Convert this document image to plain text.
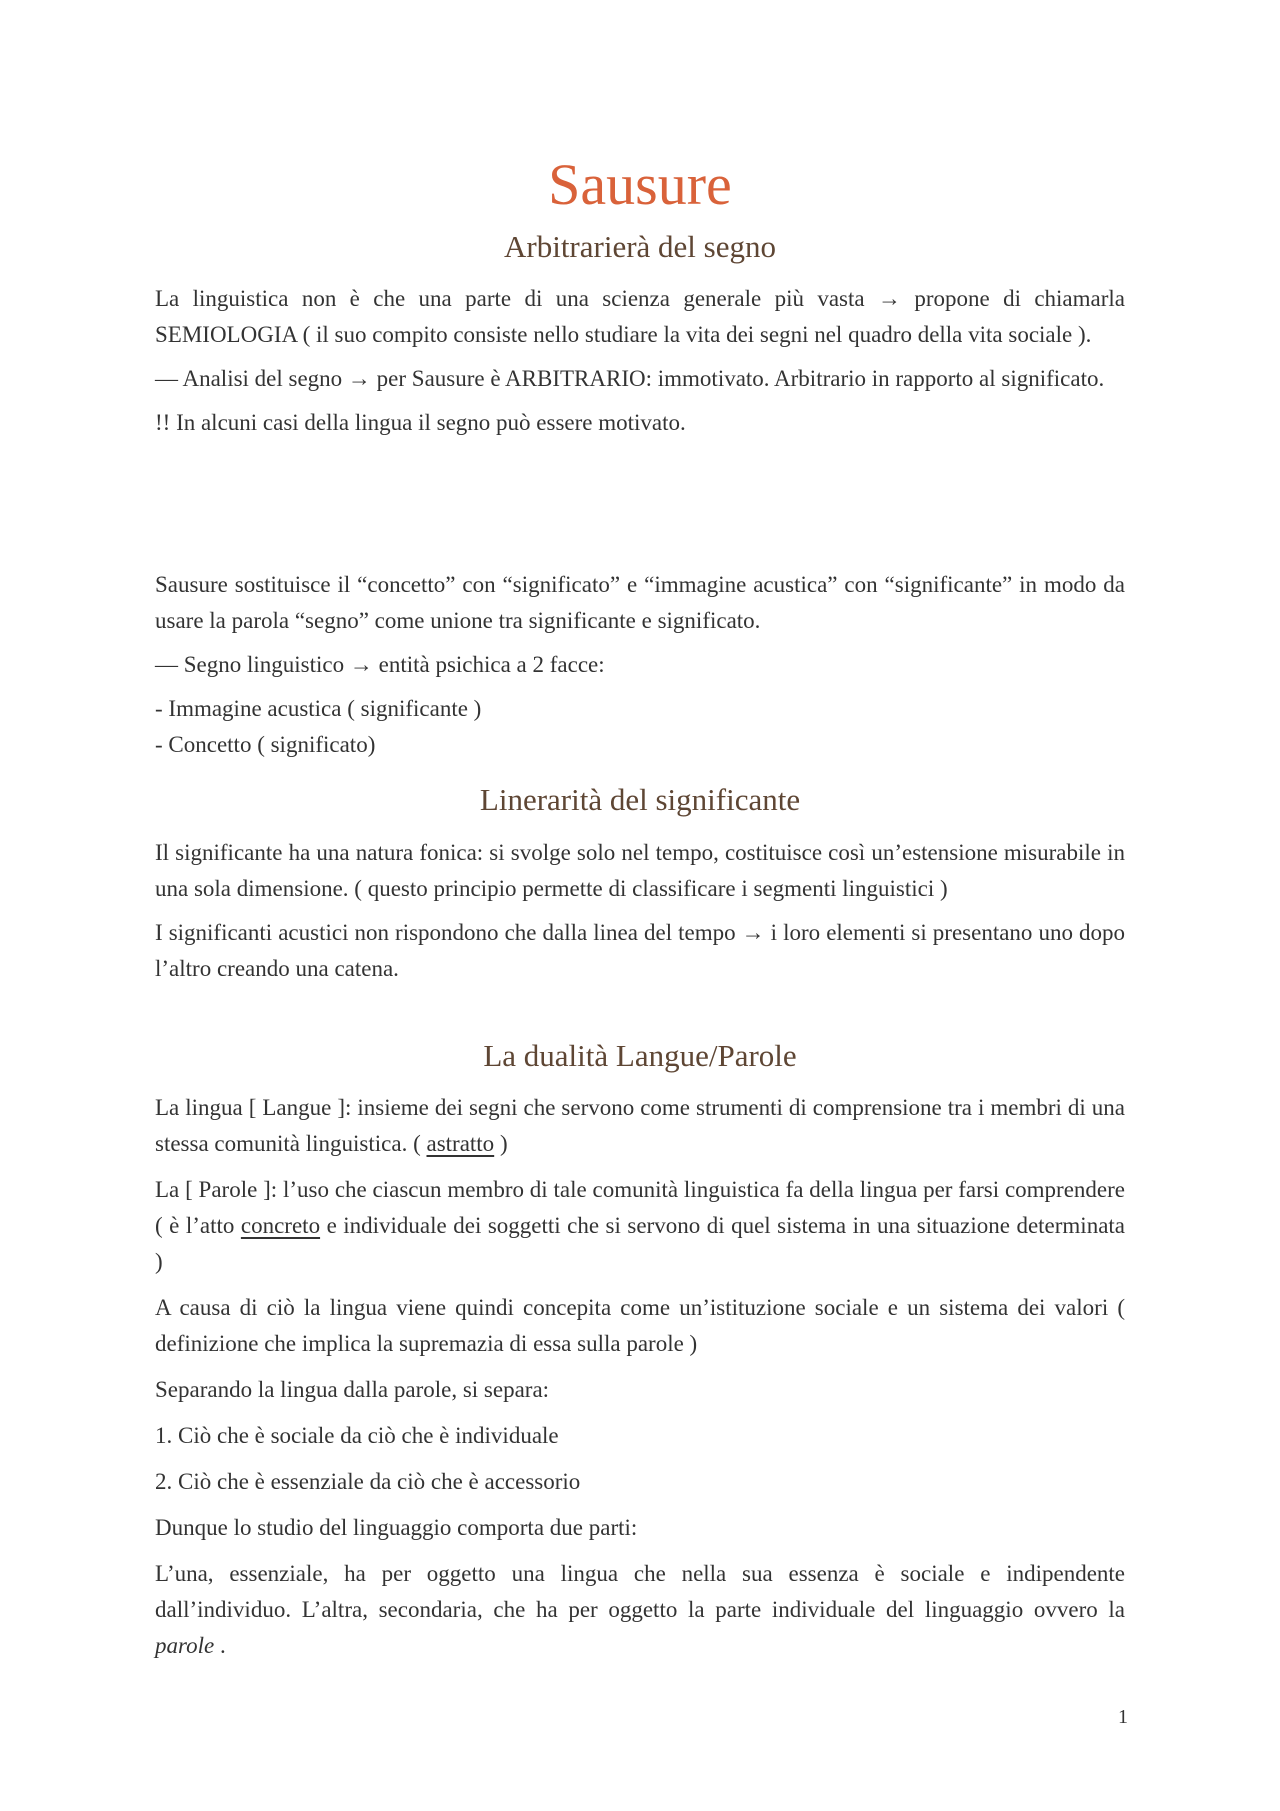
Sausure
Arbitrarierà del segno

La linguistica non è che una parte di una scienza generale più vasta → propone di chiamarla SEMIOLOGIA ( il suo compito consiste nello studiare la vita dei segni nel quadro della vita sociale ).

— Analisi del segno → per Sausure è ARBITRARIO: immotivato. Arbitrario in rapporto al significato.

!! In alcuni casi della lingua il segno può essere motivato.

Sausure sostituisce il “concetto” con “significato” e “immagine acustica” con “significante” in modo da usare la parola “segno” come unione tra significante e significato.

— Segno linguistico → entità psichica a 2 facce:

- Immagine acustica ( significante )

- Concetto ( significato)

Linerarità del significante

Il significante ha una natura fonica: si svolge solo nel tempo, costituisce così un’estensione misurabile in una sola dimensione. ( questo principio permette di classificare i segmenti linguistici )

I significanti acustici non rispondono che dalla linea del tempo → i loro elementi si presentano uno dopo l’altro creando una catena.

La dualità Langue/Parole

La lingua [ Langue ]: insieme dei segni che servono come strumenti di comprensione tra i membri di una stessa comunità linguistica. ( astratto )

La [ Parole ]: l’uso che ciascun membro di tale comunità linguistica fa della lingua per farsi comprendere ( è l’atto concreto e individuale dei soggetti che si servono di quel sistema in una situazione determinata )

A causa di ciò la lingua viene quindi concepita come un’istituzione sociale e un sistema dei valori ( definizione che implica la supremazia di essa sulla parole )

Separando la lingua dalla parole, si separa:

1. Ciò che è sociale da ciò che è individuale

2. Ciò che è essenziale da ciò che è accessorio

Dunque lo studio del linguaggio comporta due parti:

L’una, essenziale, ha per oggetto una lingua che nella sua essenza è sociale e indipendente dall’individuo. L’altra, secondaria, che ha per oggetto la parte individuale del linguaggio ovvero la parole .

1
